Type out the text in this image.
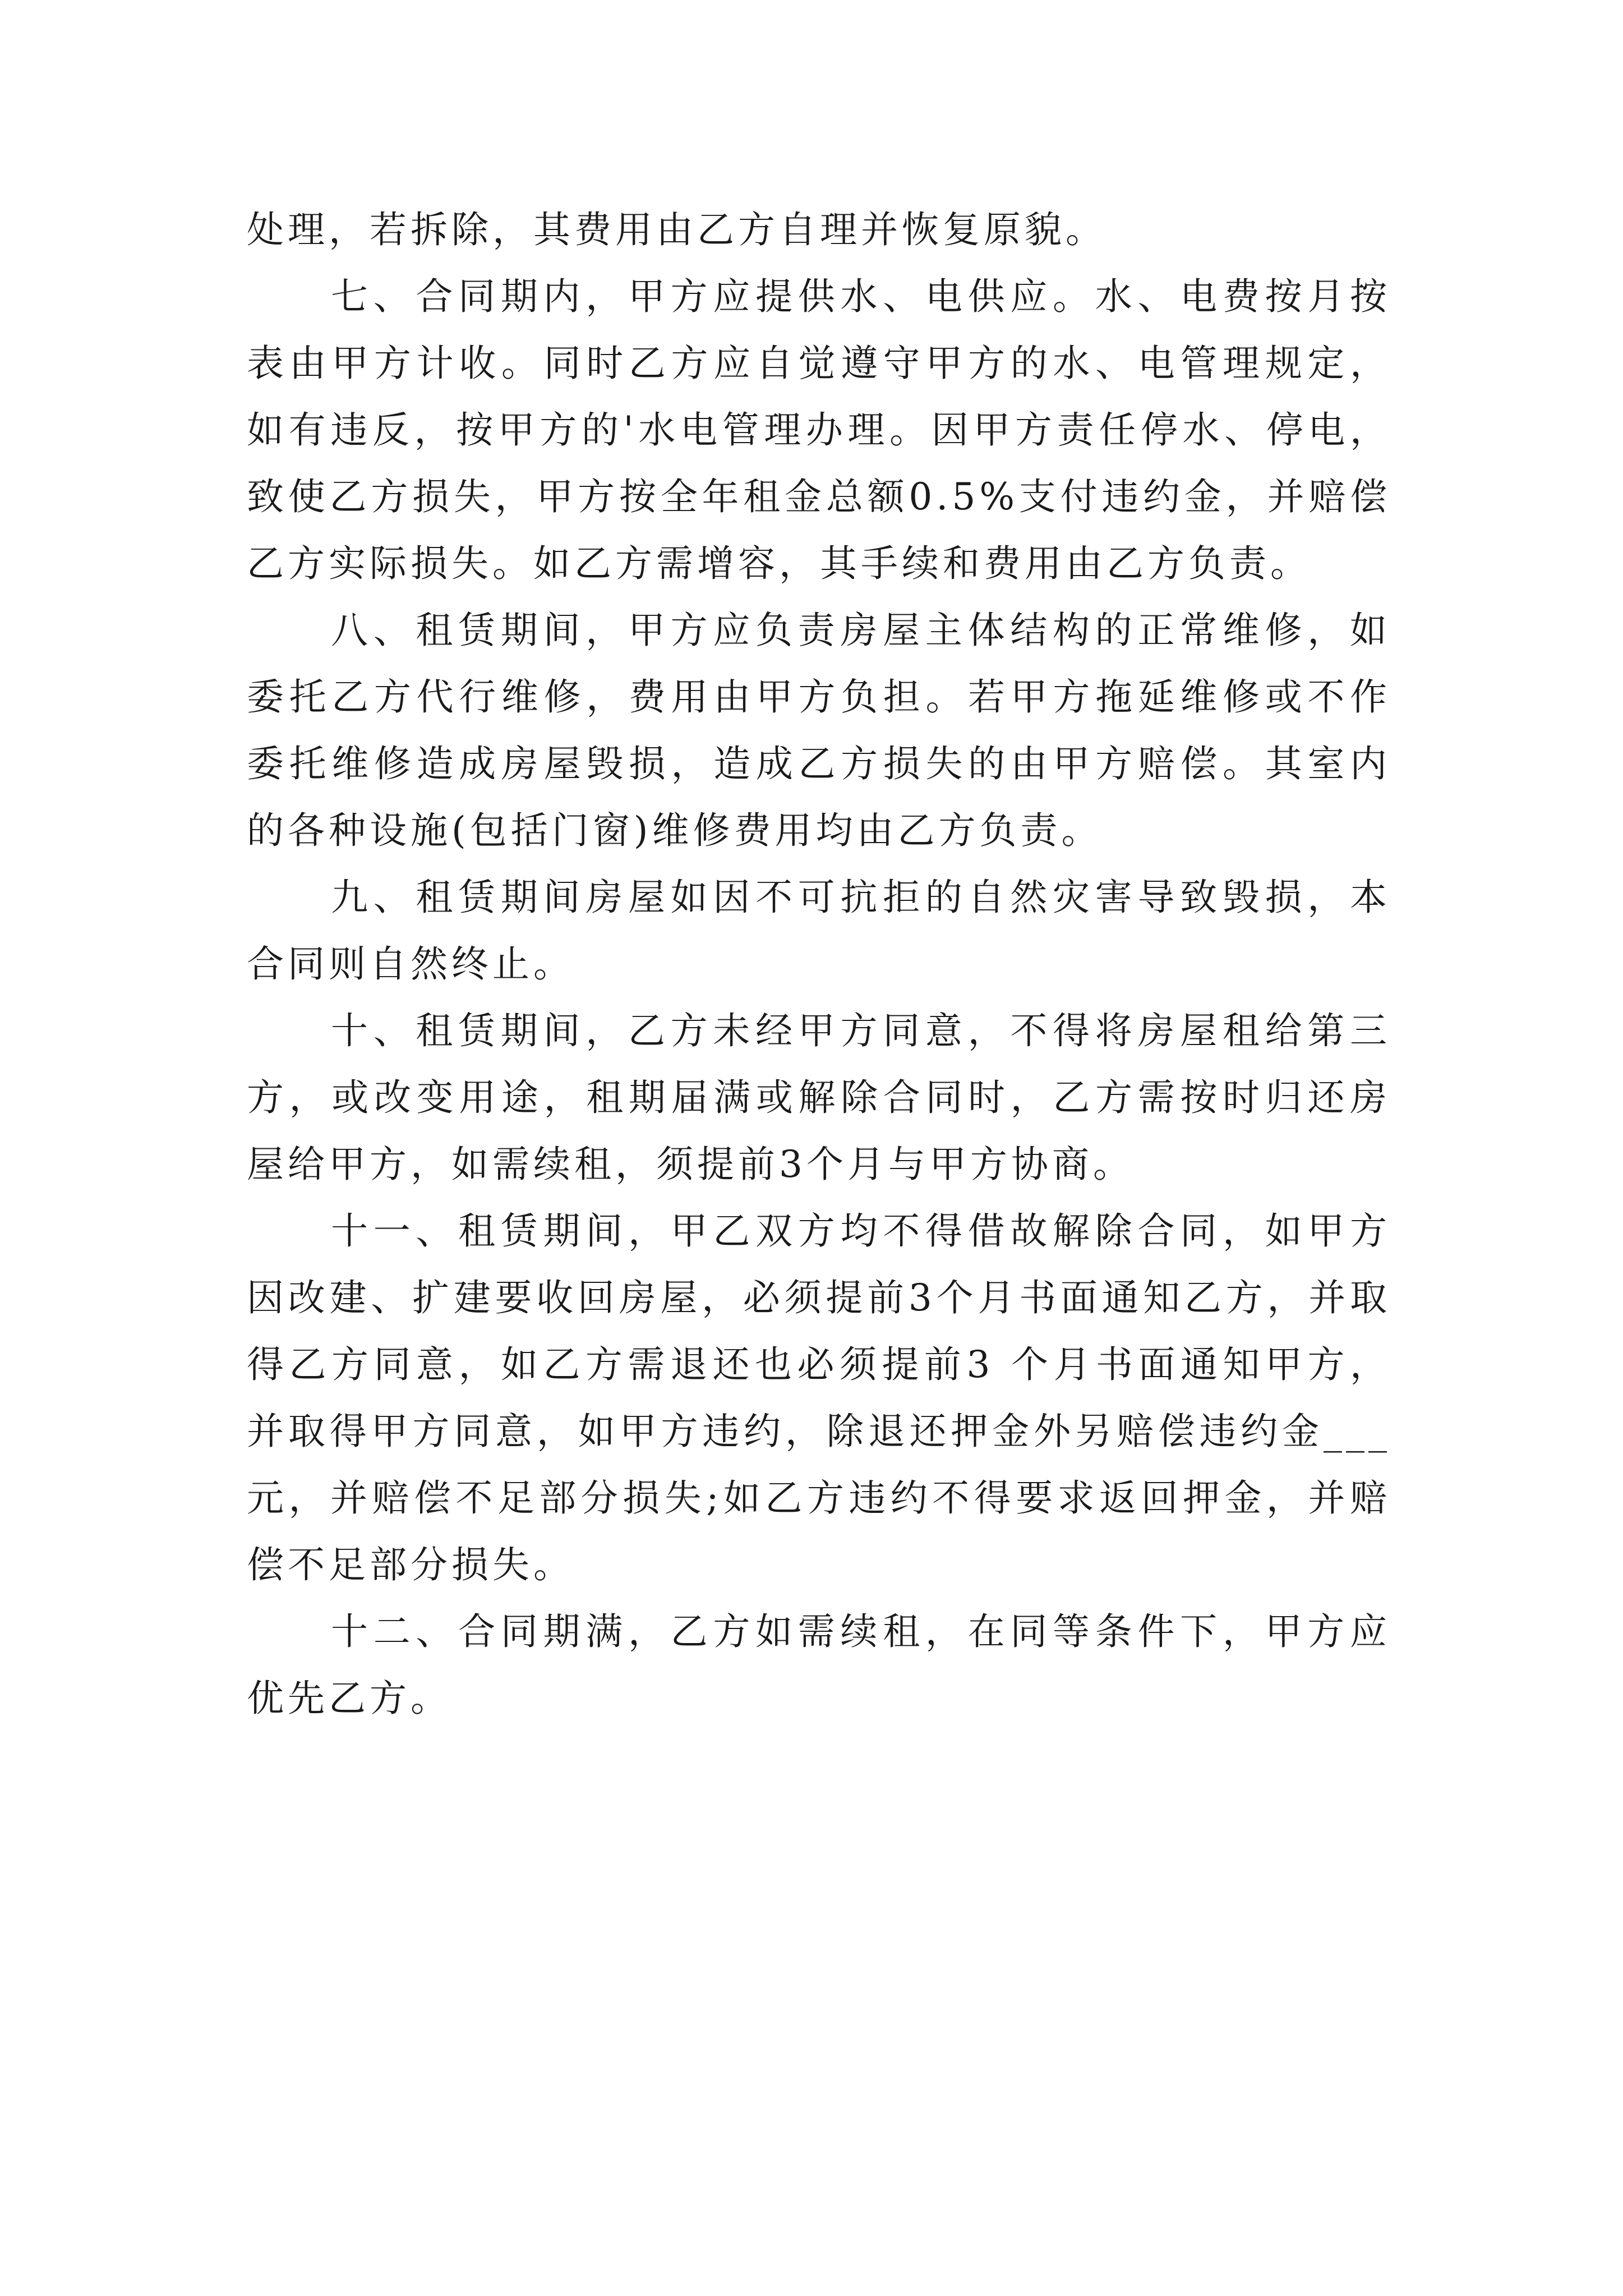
处理，若拆除，其费用由乙方自理并恢复原貌。

七、合同期内，甲方应提供水、电供应。水、电费按月按表由甲方计收。同时乙方应自觉遵守甲方的水、电管理规定，如有违反，按甲方的'水电管理办理。因甲方责任停水、停电，致使乙方损失，甲方按全年租金总额0.5%支付违约金，并赔偿乙方实际损失。如乙方需增容，其手续和费用由乙方负责。

八、租赁期间，甲方应负责房屋主体结构的正常维修，如委托乙方代行维修，费用由甲方负担。若甲方拖延维修或不作委托维修造成房屋毁损，造成乙方损失的由甲方赔偿。其室内的各种设施(包括门窗)维修费用均由乙方负责。

九、租赁期间房屋如因不可抗拒的自然灾害导致毁损，本合同则自然终止。

十、租赁期间，乙方未经甲方同意，不得将房屋租给第三方，或改变用途，租期届满或解除合同时，乙方需按时归还房屋给甲方，如需续租，须提前3个月与甲方协商。

十一、租赁期间，甲乙双方均不得借故解除合同，如甲方因改建、扩建要收回房屋，必须提前3个月书面通知乙方，并取得乙方同意，如乙方需退还也必须提前3 个月书面通知甲方，并取得甲方同意，如甲方违约，除退还押金外另赔偿违约金___元，并赔偿不足部分损失;如乙方违约不得要求返回押金，并赔偿不足部分损失。

十二、合同期满，乙方如需续租，在同等条件下，甲方应优先乙方。
